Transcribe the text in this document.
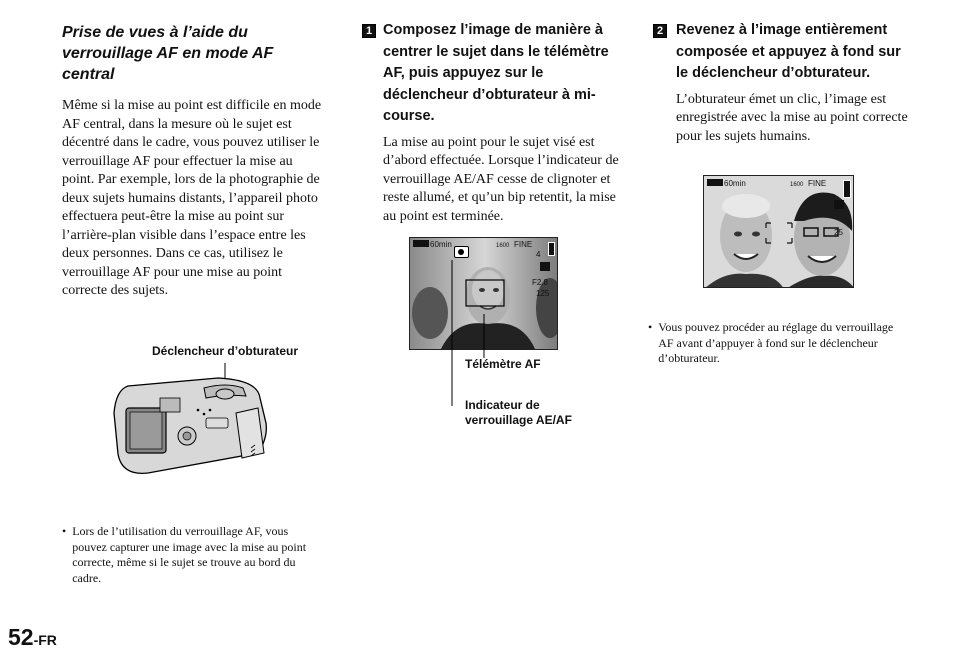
Prise de vues à l’aide du verrouillage AF en mode AF central
Même si la mise au point est difficile en mode AF central, dans la mesure où le sujet est décentré dans le cadre, vous pouvez utiliser le verrouillage AF pour effectuer la mise au point. Par exemple, lors de la photographie de deux sujets humains distants, l’appareil photo effectuera peut-être la mise au point sur l’arrière-plan visible dans l’espace entre les deux personnes. Dans ce cas, utilisez le verrouillage AF pour une mise au point correcte des sujets.
Déclencheur d’obturateur
• Lors de l’utilisation du verrouillage AF, vous pouvez capturer une image avec la mise au point correcte, même si le sujet se trouve au bord du cadre.
1 Composez l’image de manière à centrer le sujet dans le télémètre AF, puis appuyez sur le déclencheur d’obturateur à mi-course.
La mise au point pour le sujet visé est d’abord effectuée. Lorsque l’indicateur de verrouillage AE/AF cesse de clignoter et reste allumé, et qu’un bip retentit, la mise au point est terminée.
60min	1600 FINE
4
F2.8
125
Télémètre AF
Indicateur de
verrouillage AE/AF
2 Revenez à l’image entièrement composée et appuyez à fond sur le déclencheur d’obturateur.
L’obturateur émet un clic, l’image est enregistrée avec la mise au point correcte pour les sujets humains.
60min	1600 FINE
25
• Vous pouvez procéder au réglage du verrouillage AF avant d’appuyer à fond sur le déclencheur d’obturateur.
52-FR
